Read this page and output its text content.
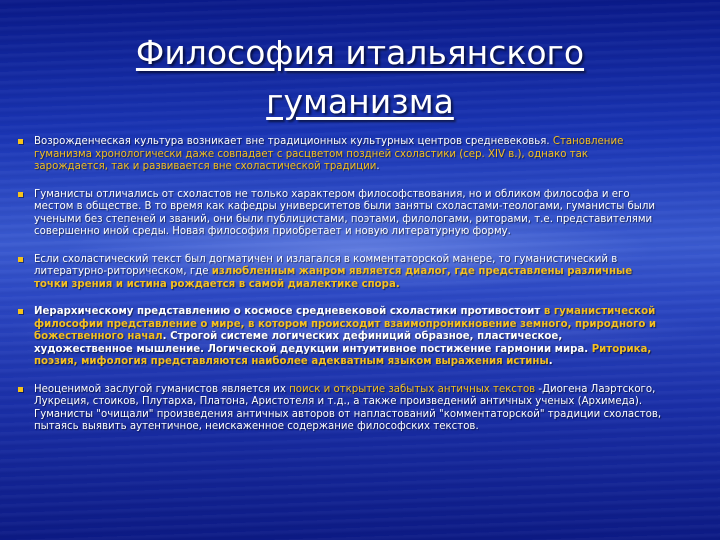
Философия итальянского гуманизма
Возрожденческая культура возникает вне традиционных культурных центров средневековья. Становление гуманизма хронологически даже совпадает с расцветом поздней схоластики (сер. XIV в.), однако так зарождается, так и развивается вне схоластической традиции.
Гуманисты отличались от схоластов не только характером философствования, но и обликом философа и его местом в обществе. В то время как кафедры университетов были заняты схоластами-теологами, гуманисты были учеными без степеней и званий, они были публицистами, поэтами, филологами, риторами, т.е. представителями совершенно иной среды. Новая философия приобретает и новую литературную форму.
Если схоластический текст был догматичен и излагался в комментаторской манере, то гуманистический в литературно-риторическом, где излюбленным жанром является диалог, где представлены различные точки зрения и истина рождается в самой диалектике спора.
Иерархическому представлению о космосе средневековой схоластики противостоит в гуманистической философии представление о мире, в котором происходит взаимопроникновение земного, природного и божественного начал. Строгой системе логических дефиниций образное, пластическое, художественное мышление. Логической дедукции интуитивное постижение гармонии мира. Риторика, поэзия, мифология представляются наиболее адекватным языком выражения истины.
Неоценимой заслугой гуманистов является их поиск и открытие забытых античных текстов -Диогена Лаэртского, Лукреция, стоиков, Плутарха, Платона, Аристотеля и т.д., а также произведений античных ученых (Архимеда). Гуманисты "очищали" произведения античных авторов от напластований "комментаторской" традиции схоластов, пытаясь выявить аутентичное, неискаженное содержание философских текстов.
